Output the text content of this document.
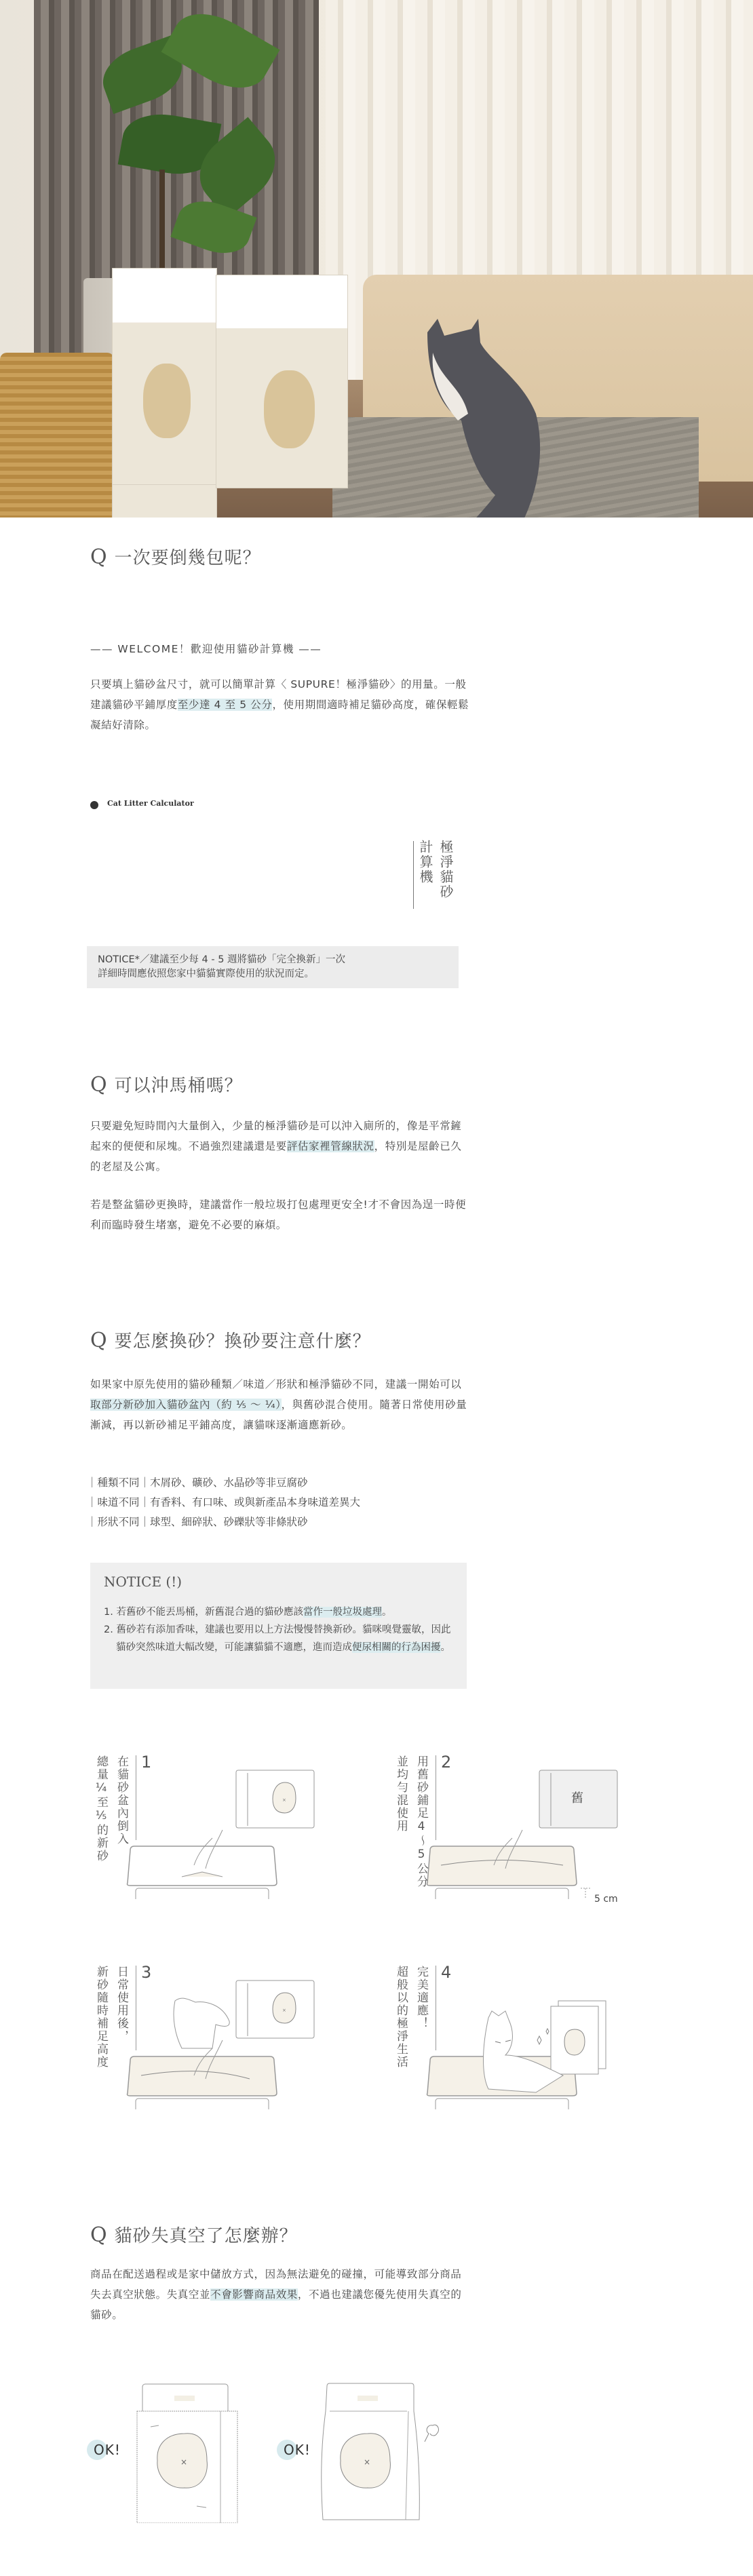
Q 一次要倒幾包呢？
—— WELCOME！歡迎使用貓砂計算機 ——
只要填上貓砂盆尺寸，就可以簡單計算〈 SUPURE！極淨貓砂〉的用量。一般建議貓砂平鋪厚度至少達 4 至 5 公分，使用期間適時補足貓砂高度，確保輕鬆凝結好清除。
Cat Litter Calculator
極淨貓砂
計算機
NOTICE*／建議至少每 4 - 5 週將貓砂「完全換新」一次
詳細時間應依照您家中貓貓實際使用的狀況而定。
Q 可以沖馬桶嗎？
只要避免短時間內大量倒入，少量的極淨貓砂是可以沖入廁所的，像是平常鏟起來的便便和尿塊。不過強烈建議還是要評估家裡管線狀況，特別是屋齡已久的老屋及公寓。
若是整盆貓砂更換時，建議當作一般垃圾打包處理更安全!才不會因為逞一時便利而臨時發生堵塞，避免不必要的麻煩。
Q 要怎麼換砂？換砂要注意什麼？
如果家中原先使用的貓砂種類／味道／形狀和極淨貓砂不同，建議一開始可以取部分新砂加入貓砂盆內（約 ⅕ ～ ¼），與舊砂混合使用。隨著日常使用砂量漸減，再以新砂補足平鋪高度，讓貓咪逐漸適應新砂。
｜種類不同｜木屑砂、礦砂、水晶砂等非豆腐砂
｜味道不同｜有香料、有口味、或與新產品本身味道差異大
｜形狀不同｜球型、細碎狀、砂礫狀等非條狀砂
NOTICE (!)
1. 若舊砂不能丟馬桶，新舊混合過的貓砂應該當作一般垃圾處理。
2. 舊砂若有添加香味，建議也要用以上方法慢慢替換新砂。貓咪嗅覺靈敏，因此貓砂突然味道大幅改變，可能讓貓貓不適應，進而造成便尿相關的行為困擾。
在貓砂盆內倒入
總量¼至⅕的新砂 1
×	用舊砂鋪足4〜5公分
並均勻混使用 2
舊
5 cm
日常使用後，
新砂隨時補足高度 3
×	完美適應！
超般以的極淨生活 4
Q 貓砂失真空了怎麼辦？
商品在配送過程或是家中儲放方式，因為無法避免的碰撞，可能導致部分商品失去真空狀態。失真空並不會影響商品效果，不過也建議您優先使用失真空的貓砂。
OK!	OK!
×	×
